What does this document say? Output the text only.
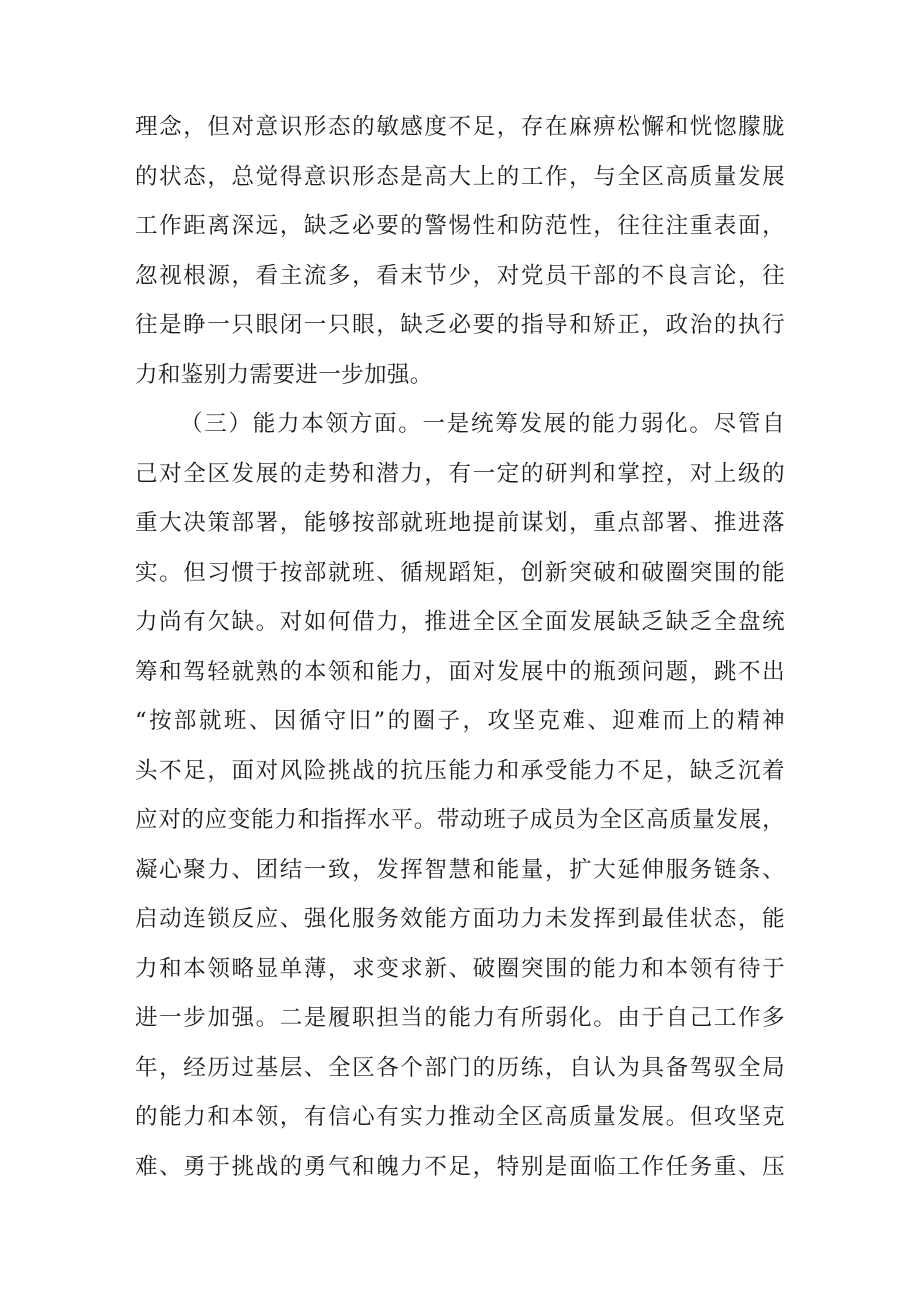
理念，但对意识形态的敏感度不足，存在麻痹松懈和恍惚朦胧
的状态，总觉得意识形态是高大上的工作，与全区高质量发展
工作距离深远，缺乏必要的警惕性和防范性，往往注重表面，
忽视根源，看主流多，看末节少，对党员干部的不良言论，往
往是睁一只眼闭一只眼，缺乏必要的指导和矫正，政治的执行
力和鉴别力需要进一步加强。
（三）能力本领方面。一是统筹发展的能力弱化。尽管自
己对全区发展的走势和潜力，有一定的研判和掌控，对上级的
重大决策部署，能够按部就班地提前谋划，重点部署、推进落
实。但习惯于按部就班、循规蹈矩，创新突破和破圈突围的能
力尚有欠缺。对如何借力，推进全区全面发展缺乏缺乏全盘统
筹和驾轻就熟的本领和能力，面对发展中的瓶颈问题，跳不出
“按部就班、因循守旧”的圈子，攻坚克难、迎难而上的精神
头不足，面对风险挑战的抗压能力和承受能力不足，缺乏沉着
应对的应变能力和指挥水平。带动班子成员为全区高质量发展，
凝心聚力、团结一致，发挥智慧和能量，扩大延伸服务链条、
启动连锁反应、强化服务效能方面功力未发挥到最佳状态，能
力和本领略显单薄，求变求新、破圈突围的能力和本领有待于
进一步加强。二是履职担当的能力有所弱化。由于自己工作多
年，经历过基层、全区各个部门的历练，自认为具备驾驭全局
的能力和本领，有信心有实力推动全区高质量发展。但攻坚克
难、勇于挑战的勇气和魄力不足，特别是面临工作任务重、压
